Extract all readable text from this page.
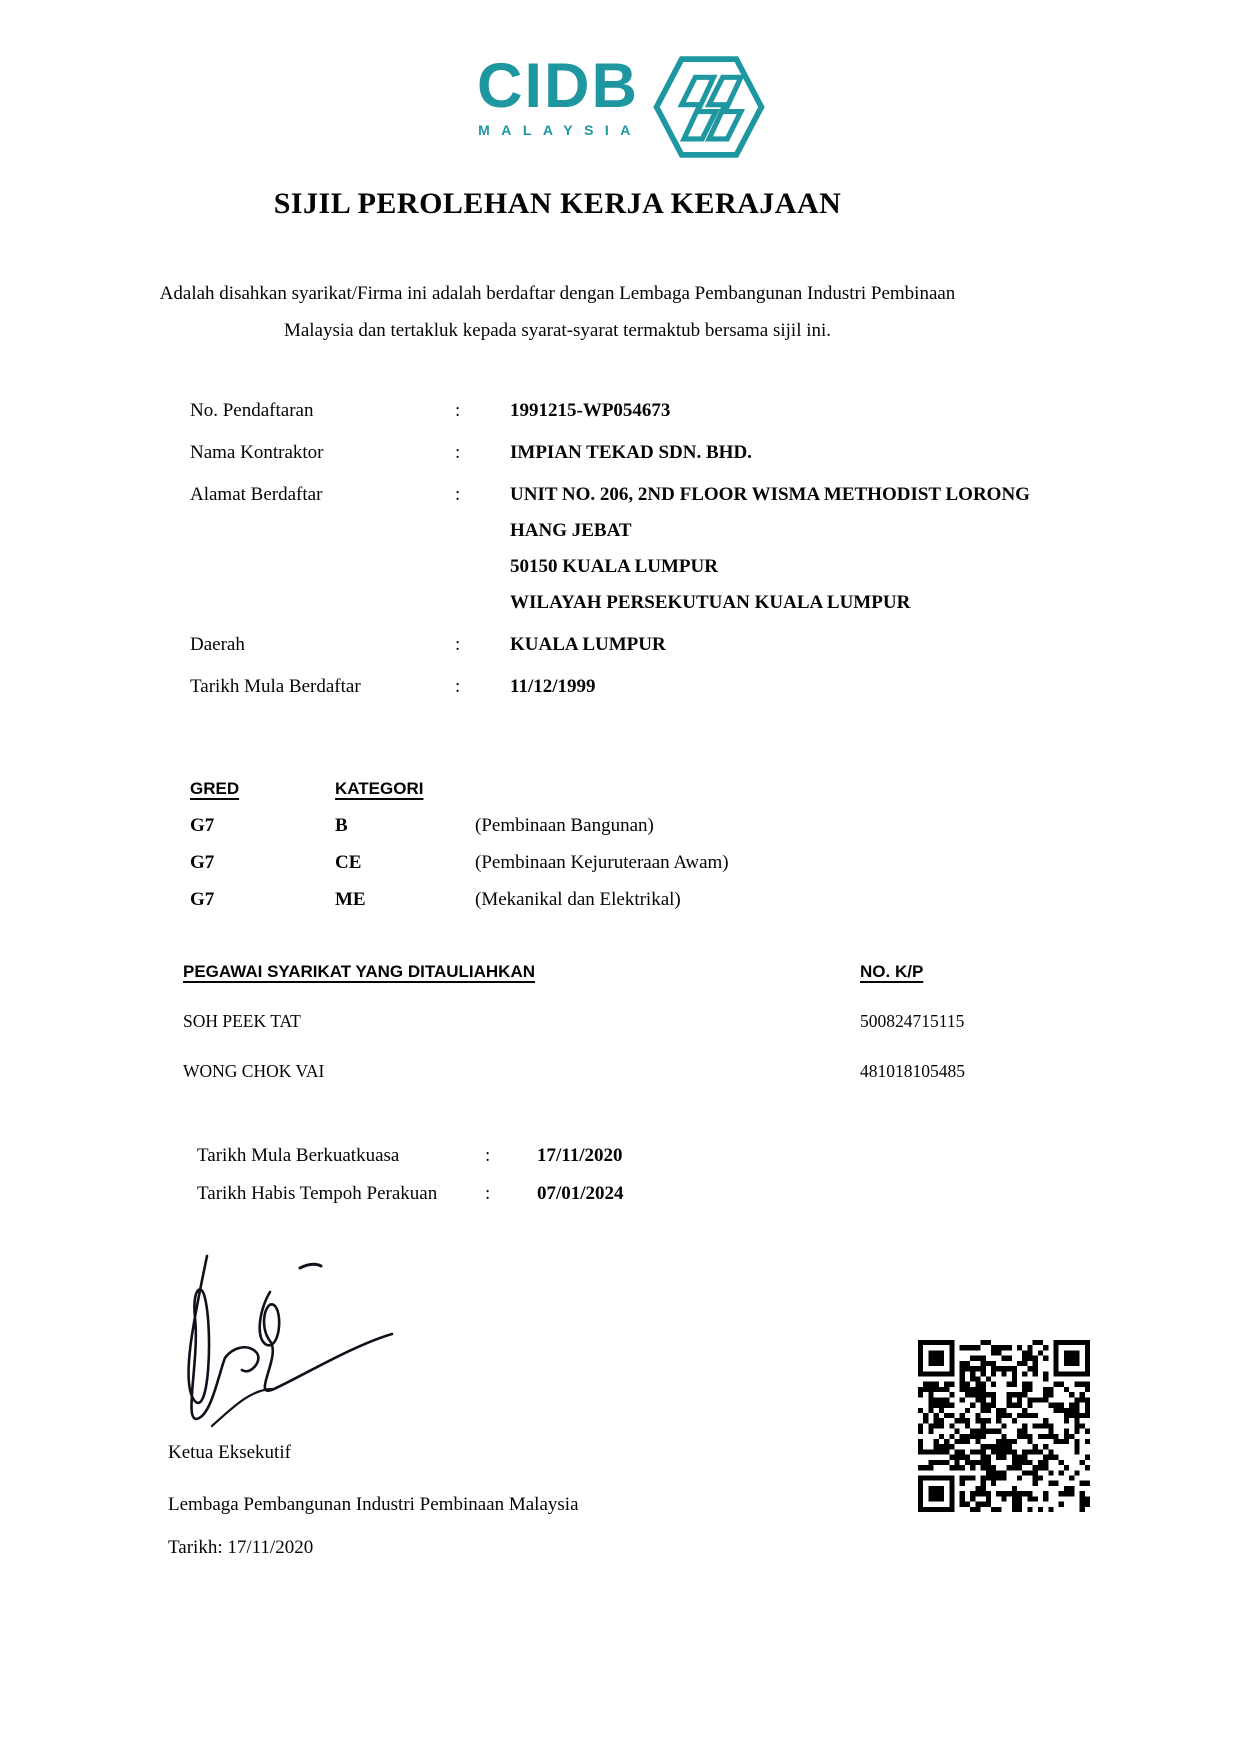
CIDB
MALAYSIA
SIJIL PEROLEHAN KERJA KERAJAAN
Adalah disahkan syarikat/Firma ini adalah berdaftar dengan Lembaga Pembangunan Industri Pembinaan
Malaysia dan tertakluk kepada syarat-syarat termaktub bersama sijil ini.
No. Pendaftaran	:	1991215-WP054673
Nama Kontraktor	:	IMPIAN TEKAD SDN. BHD.
Alamat Berdaftar	:	UNIT NO. 206, 2ND FLOOR WISMA METHODIST LORONG HANG JEBAT
50150 KUALA LUMPUR
WILAYAH PERSEKUTUAN KUALA LUMPUR
Daerah	:	KUALA LUMPUR
Tarikh Mula Berdaftar	:	11/12/1999
GRED	KATEGORI
G7	B	(Pembinaan Bangunan)
G7	CE	(Pembinaan Kejuruteraan Awam)
G7	ME	(Mekanikal dan Elektrikal)
PEGAWAI SYARIKAT YANG DITAULIAHKAN	NO. K/P
SOH PEEK TAT	500824715115
WONG CHOK VAI	481018105485
Tarikh Mula Berkuatkuasa	:	17/11/2020
Tarikh Habis Tempoh Perakuan	:	07/01/2024
Ketua Eksekutif
Lembaga Pembangunan Industri Pembinaan Malaysia
Tarikh: 17/11/2020
